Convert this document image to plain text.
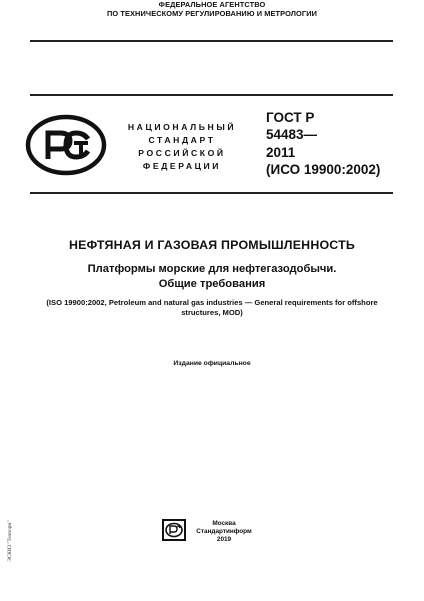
ФЕДЕРАЛЬНОЕ АГЕНТСТВО
ПО ТЕХНИЧЕСКОМУ РЕГУЛИРОВАНИЮ И МЕТРОЛОГИИ
НАЦИОНАЛЬНЫЙ
СТАНДАРТ
РОССИЙСКОЙ
ФЕДЕРАЦИИ
ГОСТ Р
54483—
2011
(ИСО 19900:2002)
НЕФТЯНАЯ И ГАЗОВАЯ ПРОМЫШЛЕННОСТЬ
Платформы морские для нефтегазодобычи.
Общие требования
(ISO 19900:2002, Petroleum and natural gas industries — General requirements for offshore structures, MOD)
Издание официальное
Москва
Стандартинформ
2019
ЭСКИЗ "Технорм"
